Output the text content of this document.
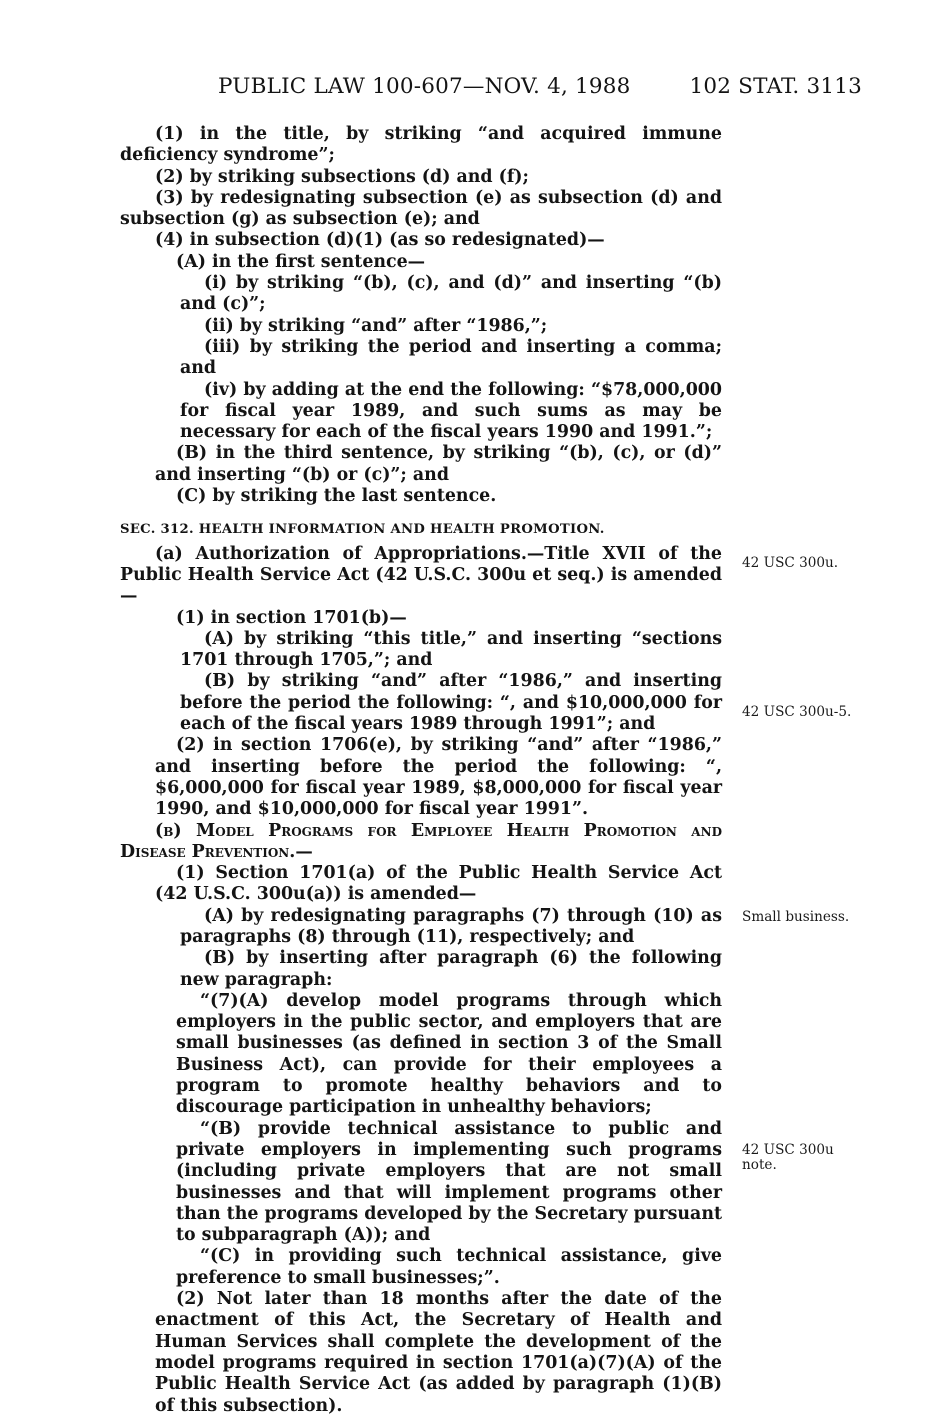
PUBLIC LAW 100-607—NOV. 4, 1988	102 STAT. 3113

(1) in the title, by striking “and acquired immune deficiency syndrome”;

(2) by striking subsections (d) and (f);

(3) by redesignating subsection (e) as subsection (d) and subsection (g) as subsection (e); and

(4) in subsection (d)(1) (as so redesignated)—

(A) in the first sentence—

(i) by striking “(b), (c), and (d)” and inserting “(b) and (c)”;

(ii) by striking “and” after “1986,”;

(iii) by striking the period and inserting a comma; and

(iv) by adding at the end the following: “$78,000,000 for fiscal year 1989, and such sums as may be necessary for each of the fiscal years 1990 and 1991.”;

(B) in the third sentence, by striking “(b), (c), or (d)” and inserting “(b) or (c)”; and

(C) by striking the last sentence.

SEC. 312. HEALTH INFORMATION AND HEALTH PROMOTION.

(a) Authorization of Appropriations.—Title XVII of the Public Health Service Act (42 U.S.C. 300u et seq.) is amended—

(1) in section 1701(b)—

(A) by striking “this title,” and inserting “sections 1701 through 1705,”; and

(B) by striking “and” after “1986,” and inserting before the period the following: “, and $10,000,000 for each of the fiscal years 1989 through 1991”; and

(2) in section 1706(e), by striking “and” after “1986,” and inserting before the period the following: “, $6,000,000 for fiscal year 1989, $8,000,000 for fiscal year 1990, and $10,000,000 for fiscal year 1991”.

(b) Model Programs for Employee Health Promotion and Disease Prevention.—

(1) Section 1701(a) of the Public Health Service Act (42 U.S.C. 300u(a)) is amended—

(A) by redesignating paragraphs (7) through (10) as paragraphs (8) through (11), respectively; and

(B) by inserting after paragraph (6) the following new paragraph:

“(7)(A) develop model programs through which employers in the public sector, and employers that are small businesses (as defined in section 3 of the Small Business Act), can provide for their employees a program to promote healthy behaviors and to discourage participation in unhealthy behaviors;

“(B) provide technical assistance to public and private employers in implementing such programs (including private employers that are not small businesses and that will implement programs other than the programs developed by the Secretary pursuant to subparagraph (A)); and

“(C) in providing such technical assistance, give preference to small businesses;”.

(2) Not later than 18 months after the date of the enactment of this Act, the Secretary of Health and Human Services shall complete the development of the model programs required in section 1701(a)(7)(A) of the Public Health Service Act (as added by paragraph (1)(B) of this subsection).

42 USC 300u.
42 USC 300u-5.
Small business.
42 USC 300u note.
